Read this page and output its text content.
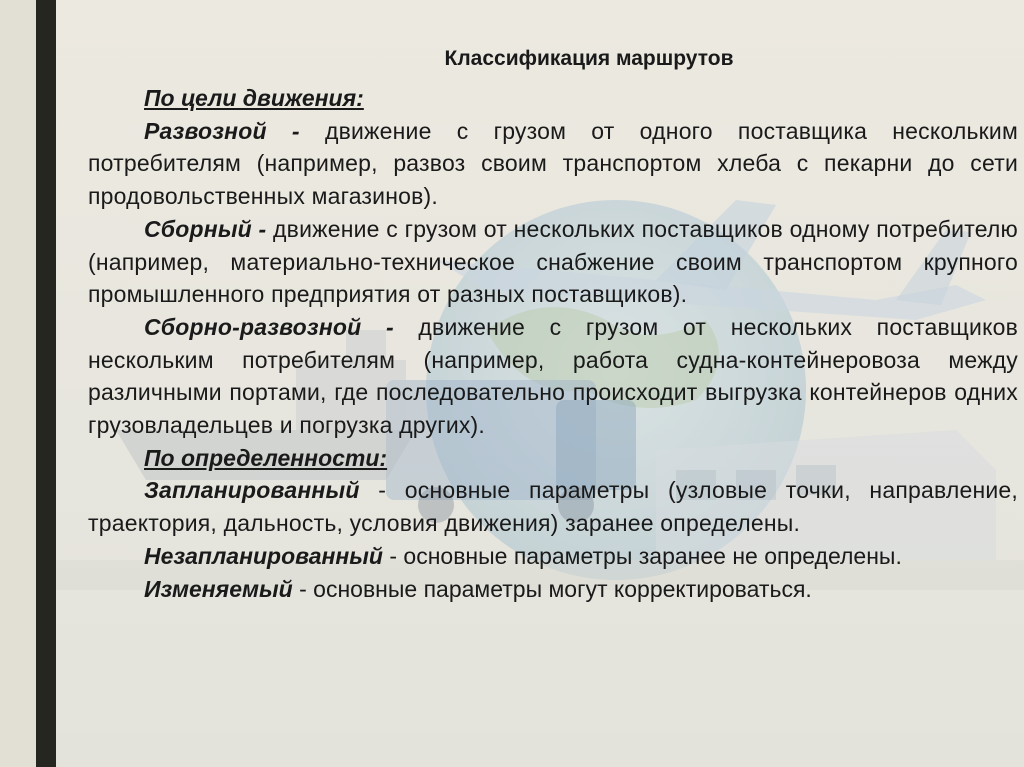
Классификация маршрутов

По цели движения:

Развозной - движение с грузом от одного поставщика нескольким потребителям (например, развоз своим транспортом хлеба с пекарни до сети продовольственных магазинов).

Сборный - движение с грузом от нескольких поставщиков одному потребителю (например, материально-техническое снабжение своим транспортом крупного промышленного предприятия от разных поставщиков).

Сборно-развозной - движение с грузом от нескольких поставщиков нескольким потребителям (например, работа судна-контейнеровоза между различными портами, где последовательно происходит выгрузка контейнеров одних грузовладельцев и погрузка других).

По определенности:

Запланированный - основные параметры (узловые точки, направление, траектория, дальность, условия движения) заранее определены.

Незапланированный - основные параметры заранее не определены.

Изменяемый - основные параметры могут корректироваться.
